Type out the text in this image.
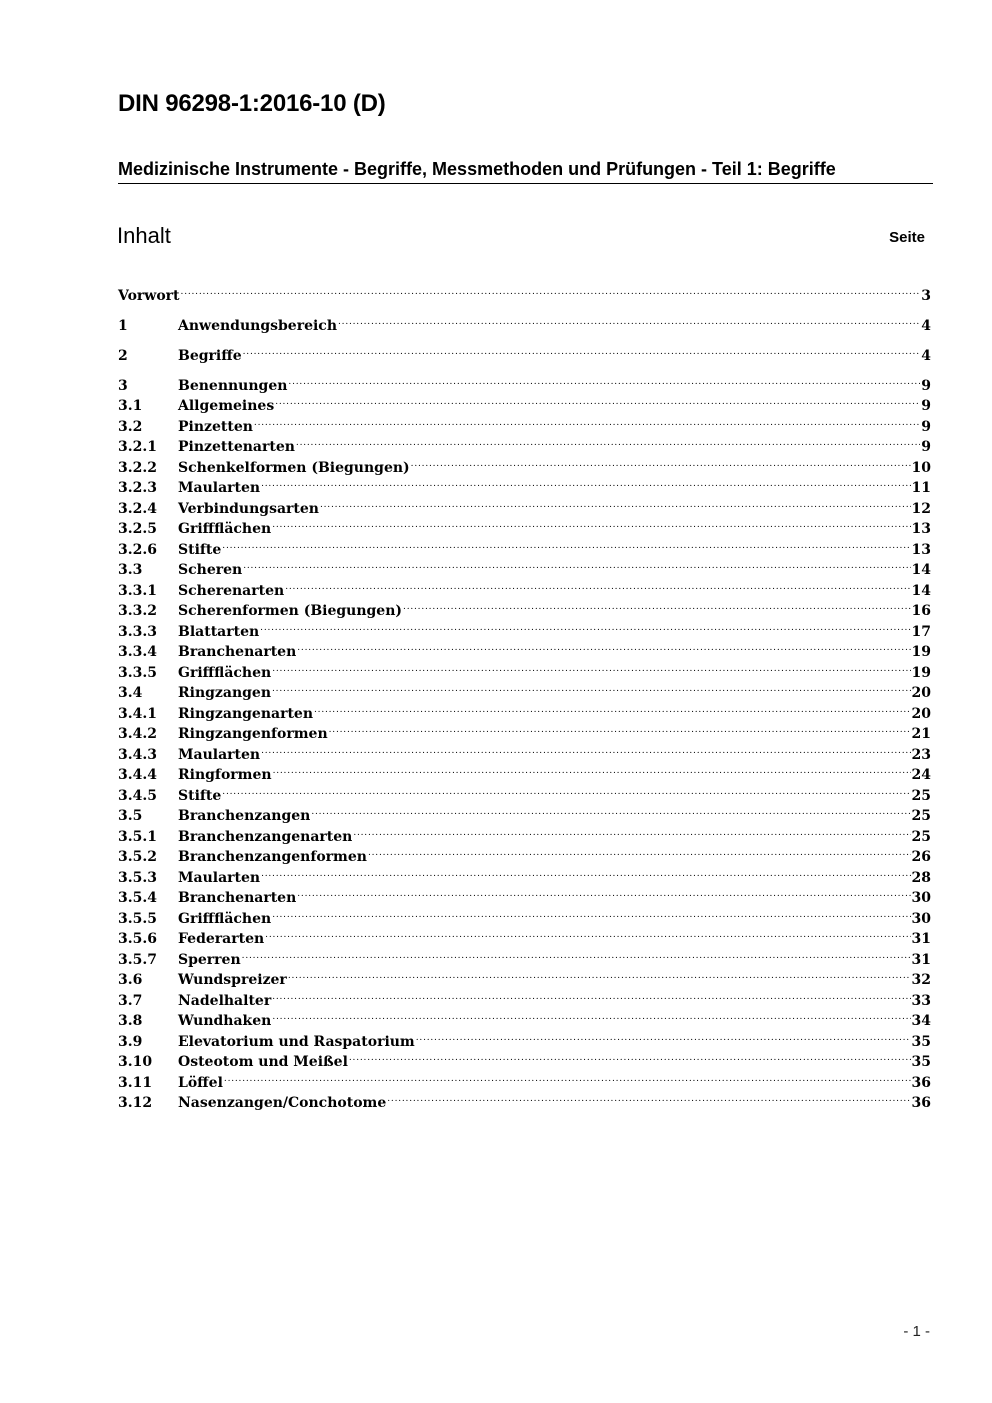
DIN 96298-1:2016-10 (D)
Medizinische Instrumente - Begriffe, Messmethoden und Prüfungen - Teil 1: Begriffe
Inhalt	Seite
Vorwort .....	3
1	Anwendungsbereich .....	4
2	Begriffe .....	4
3	Benennungen .....	9
3.1	Allgemeines .....	9
3.2	Pinzetten .....	9
3.2.1	Pinzettenarten .....	9
3.2.2	Schenkelformen (Biegungen) .....	10
3.2.3	Maularten .....	11
3.2.4	Verbindungsarten .....	12
3.2.5	Griffflächen .....	13
3.2.6	Stifte .....	13
3.3	Scheren .....	14
3.3.1	Scherenarten .....	14
3.3.2	Scherenformen (Biegungen) .....	16
3.3.3	Blattarten .....	17
3.3.4	Branchenarten .....	19
3.3.5	Griffflächen .....	19
3.4	Ringzangen .....	20
3.4.1	Ringzangenarten .....	20
3.4.2	Ringzangenformen .....	21
3.4.3	Maularten .....	23
3.4.4	Ringformen .....	24
3.4.5	Stifte .....	25
3.5	Branchenzangen .....	25
3.5.1	Branchenzangenarten .....	25
3.5.2	Branchenzangenformen .....	26
3.5.3	Maularten .....	28
3.5.4	Branchenarten .....	30
3.5.5	Griffflächen .....	30
3.5.6	Federarten .....	31
3.5.7	Sperren .....	31
3.6	Wundspreizer .....	32
3.7	Nadelhalter .....	33
3.8	Wundhaken .....	34
3.9	Elevatorium und Raspatorium .....	35
3.10	Osteotom und Meißel .....	35
3.11	Löffel .....	36
3.12	Nasenzangen/Conchotome .....	36
- 1 -
